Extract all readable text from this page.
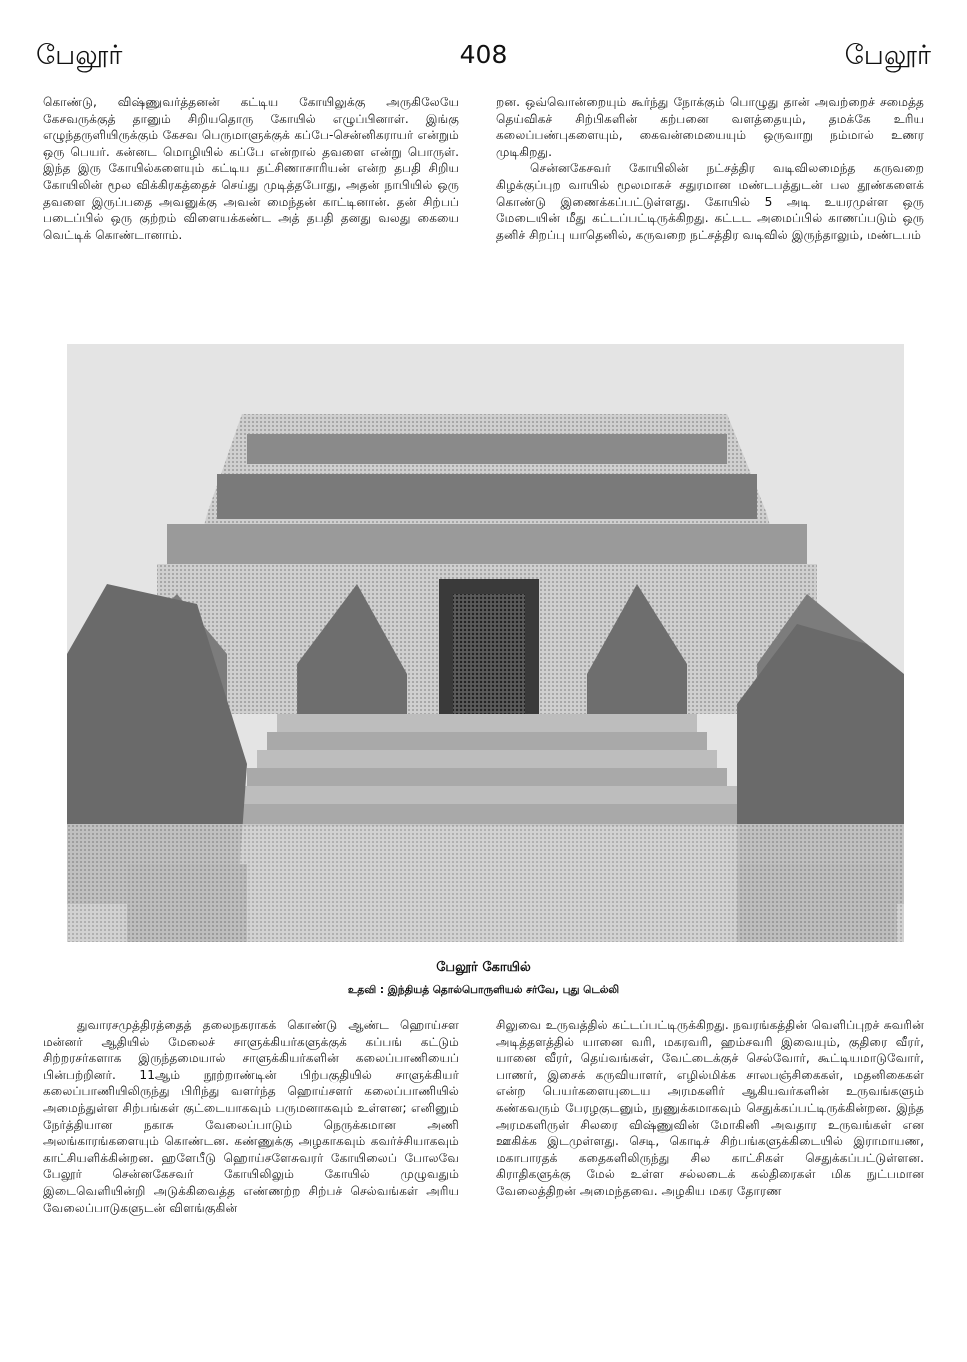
பேலூர்	408	பேலூர்

கொண்டு, விஷ்ணுவர்த்தனன் கட்டிய கோயிலுக்கு அருகிலேயே கேசவருக்குத் தானும் சிறியதொரு கோயில் எழுப்பினாள். இங்கு எழுந்தருளியிருக்கும் கேசவ பெருமாளுக்குக் கப்பே-சென்னிகராயர் என்றும் ஒரு பெயர். கன்னட மொழியில் கப்பே என்றால் தவளை என்று பொருள். இந்த இரு கோயில்களையும் கட்டிய தட்சிணாசாரியன் என்ற தபதி சிறிய கோயிலின் மூல விக்கிரகத்தைச் செய்து முடித்தபோது, அதன் நாபியில் ஒரு தவளை இருப்பதை அவனுக்கு அவன் மைந்தன் காட்டினான். தன் சிற்பப் படைப்பில் ஒரு குற்றம் விளையக்கண்ட அத் தபதி தனது வலது கையை வெட்டிக் கொண்டானாம்.

றன. ஒவ்வொன்றையும் கூர்ந்து நோக்கும் பொழுது தான் அவற்றைச் சமைத்த தெய்விகச் சிற்பிகளின் கற்பனை வளத்தையும், தமக்கே உரிய கலைப்பண்புகளையும், கைவன்மையையும் ஒருவாறு நம்மால் உணர முடிகிறது.

சென்னகேசவர் கோயிலின் நட்சத்திர வடிவிலமைந்த கருவறை கிழக்குப்புற வாயில் மூலமாகச் சதுரமான மண்டபத்துடன் பல தூண்களைக் கொண்டு இணைக்கப்பட்டுள்ளது. கோயில் 5 அடி உயரமுள்ள ஒரு மேடையின் மீது கட்டப்பட்டிருக்கிறது. கட்டட அமைப்பில் காணப்படும் ஒரு தனிச் சிறப்பு யாதெனில், கருவறை நட்சத்திர வடிவில் இருந்தாலும், மண்டபம்

பேலூர் கோயில்
உதவி : இந்தியத் தொல்பொருளியல் சர்வே, புது டெல்லி

துவாரசமுத்திரத்தைத் தலைநகராகக் கொண்டு ஆண்ட ஹொய்சள மன்னர் ஆதியில் மேலைச் சாளுக்கியர்களுக்குக் கப்பங் கட்டும் சிற்றரசர்களாக இருந்தமையால் சாளுக்கியர்களின் கலைப்பாணியைப் பின்பற்றினர். 11ஆம் நூற்றாண்டின் பிற்பகுதியில் சாளுக்கியர் கலைப்பாணியிலிருந்து பிரிந்து வளர்ந்த ஹொய்சளர் கலைப்பாணியில் அமைந்துள்ள சிற்பங்கள் குட்டையாகவும் பருமனாகவும் உள்ளன; எனினும் நேர்த்தியான நகாசு வேலைப்பாடும் நெருக்கமான அணி அலங்காரங்களையும் கொண்டன. கண்ணுக்கு அழகாகவும் கவர்ச்சியாகவும் காட்சியளிக்கின்றன. ஹளேபீடு ஹொய்சளேசுவரர் கோயிலைப் போலவே பேலூர் சென்னகேசவர் கோயிலிலும் கோயில் முழுவதும் இடைவெளியின்றி அடுக்கிவைத்த எண்ணற்ற சிற்பச் செல்வங்கள் அரிய வேலைப்பாடுகளுடன் விளங்குகின்

சிலுவை உருவத்தில் கட்டப்பட்டிருக்கிறது. நவரங்கத்தின் வெளிப்புறச் சுவரின் அடித்தளத்தில் யானை வரி, மகரவரி, ஹம்சவரி இவையும், குதிரை வீரர், யானை வீரர், தெய்வங்கள், வேட்டைக்குச் செல்வோர், கூட்டியமாடுவோர், பாணர், இசைக் கருவியாளர், எழில்மிக்க சாலபஞ்சிகைகள், மதனிகைகள் என்ற பெயர்களையுடைய அரமகளிர் ஆகியவர்களின் உருவங்களும் கண்கவரும் பேரழகுடனும், நுணுக்கமாகவும் செதுக்கப்பட்டிருக்கின்றன. இந்த அரமகளிருள் சிலரை விஷ்ணுவின் மோகினி அவதார உருவங்கள் என ஊகிக்க இடமுள்ளது. செடி, கொடிச் சிற்பங்களுக்கிடையில் இராமாயண, மகாபாரதக் கதைகளிலிருந்து சில காட்சிகள் செதுக்கப்பட்டுள்ளன. கிராதிகளுக்கு மேல் உள்ள சல்லடைக் கல்திரைகள் மிக நுட்பமான வேலைத்திறன் அமைந்தவை. அழகிய மகர தோரண
